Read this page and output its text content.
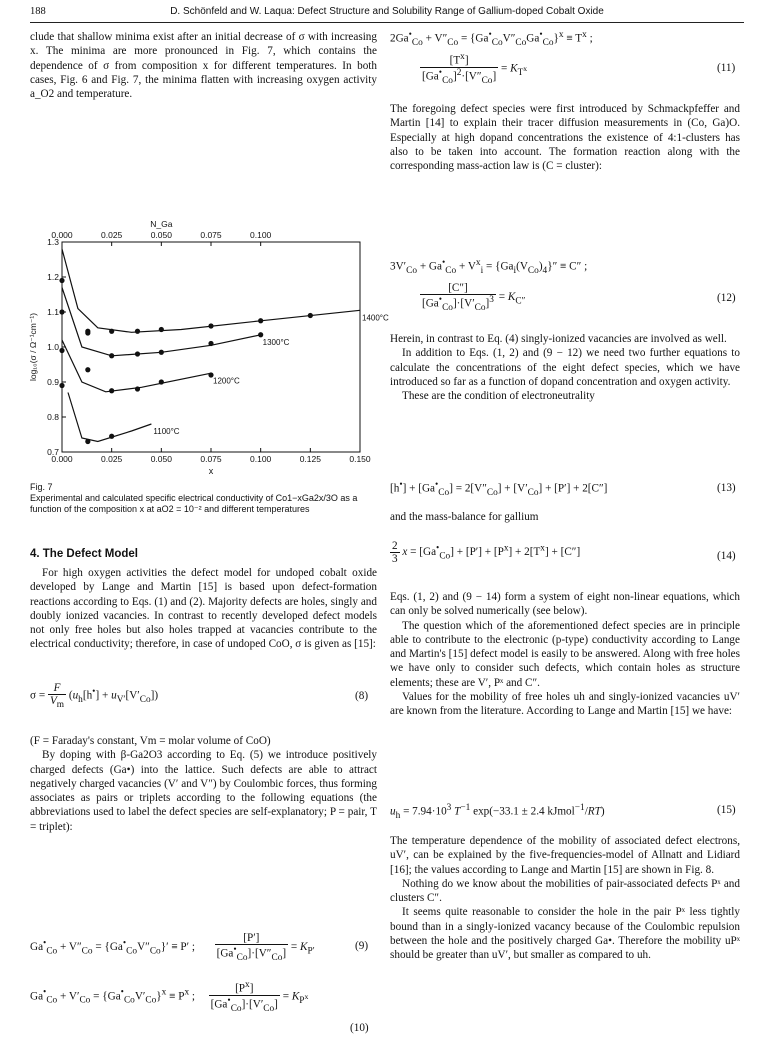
188	D. Schönfeld and W. Laqua: Defect Structure and Solubility Range of Gallium-doped Cobalt Oxide

clude that shallow minima exist after an initial decrease of σ with increasing x. The minima are more pronounced in Fig. 7, which contains the dependence of σ from composition x for different temperatures. In both cases, Fig. 6 and Fig. 7, the minima flatten with increasing oxygen activity a_O2 and temperature.

0.000	0.025	0.050	0.075	0.100	0.125	0.150
0.000	0.025	0.050	0.075	0.100
0.7
0.8
0.9
1.0
1.1
1.2
1.3
x
N_Ga
log₁₀(σ / Ω⁻¹cm⁻¹)	1400°C
1300°C
1200°C
1100°C
Fig. 7
Experimental and calculated specific electrical conductivity of Co1−xGa2x/3O as a function of the composition x at aO2 = 10⁻² and different temperatures
4. The Defect Model

For high oxygen activities the defect model for undoped cobalt oxide developed by Lange and Martin [15] is based upon defect-formation reactions according to Eqs. (1) and (2). Majority defects are holes, singly and doubly ionized vacancies. In contrast to recently developed defect models not only free holes but also holes trapped at vacancies contribute to the electrical conductivity; therefore, in case of undoped CoO, σ is given as [15]:

$\sigma = \frac{F}{V_m} (u_h[h^•] + u_{V'}[V'_{Co}])$	(8)

(F = Faraday's constant, Vm = molar volume of CoO)

By doping with β-Ga2O3 according to Eq. (5) we introduce positively charged defects (Ga•) into the lattice. Such defects are able to attract negatively charged vacancies (V′ and V″) by Coulombic forces, thus forming associates as pairs or triplets according to the following equations (the abbreviations used to label the defect species are self-explanatory; P = pair, T = triplet):

$Ga^•_{Co} + V''_{Co} = \{Ga^•_{Co}V''_{Co}\}' \equiv P'$ ; $\frac{[P']}{[Ga^•_{Co}]\cdot[V''_{Co}]} = K_{P'}$	(9)
$Ga^•_{Co} + V'_{Co} = \{Ga^•_{Co}V'_{Co}\}^x \equiv P^x$ ; $\frac{[P^x]}{[Ga^•_{Co}]\cdot[V'_{Co}]} = K_{P^x}$
(10)
$2Ga^•_{Co} + V''_{Co} = \{Ga^•_{Co}V''_{Co}Ga^•_{Co}\}^x \equiv T^x$ ;
$\frac{[T^x]}{[Ga^•_{Co}]^2\cdot[V''_{Co}]} = K_{T^x}$	(11)

The foregoing defect species were first introduced by Schmackpfeffer and Martin [14] to explain their tracer diffusion measurements in (Co, Ga)O. Especially at high dopand concentrations the existence of 4:1-clusters has also to be taken into account. The formation reaction along with the corresponding mass-action law is (C = cluster):

$3V'_{Co} + Ga^•_{Co} + V^x_i = \{Ga_i(V_{Co})_4\}'' \equiv C''$ ;
$\frac{[C'']}{[Ga^•_{Co}]\cdot[V'_{Co}]^3} = K_{C''}$	(12)

Herein, in contrast to Eq. (4) singly-ionized vacancies are involved as well.

In addition to Eqs. (1, 2) and (9 − 12) we need two further equations to calculate the concentrations of the eight defect species, which we have introduced so far as a function of dopand concentration and oxygen activity.

These are the condition of electroneutrality

$[h^•] + [Ga^•_{Co}] = 2[V''_{Co}] + [V'_{Co}] + [P'] + 2[C'']$	(13)

and the mass-balance for gallium

$\frac{2}{3}$ $x = [Ga^•_{Co}] + [P'] + [P^x] + 2[T^x] + [C'']$	(14)

Eqs. (1, 2) and (9 − 14) form a system of eight non-linear equations, which can only be solved numerically (see below).

The question which of the aforementioned defect species are in principle able to contribute to the electronic (p-type) conductivity according to Lange and Martin's [15] defect model is easily to be answered. Along with free holes we have only to consider such defects, which contain holes as structure elements; these are V′, Pˣ and C″.

Values for the mobility of free holes uh and singly-ionized vacancies uV′ are known from the literature. According to Lange and Martin [15] we have:

$u_h = 7.94\cdot 10^3$ $T^{-1}$ exp(−33.1 ± 2.4 kJmol$^{-1}$/RT)	(15)

The temperature dependence of the mobility of associated defect electrons, uV′, can be explained by the five-frequencies-model of Allnatt and Lidiard [16]; the values according to Lange and Martin [15] are shown in Fig. 8.

Nothing do we know about the mobilities of pair-associated defects Pˣ and clusters C″.

It seems quite reasonable to consider the hole in the pair Pˣ less tightly bound than in a singly-ionized vacancy because of the Coulombic repulsion between the hole and the positively charged Ga•. Therefore the mobility uPˣ should be greater than uV′, but smaller as compared to uh.
